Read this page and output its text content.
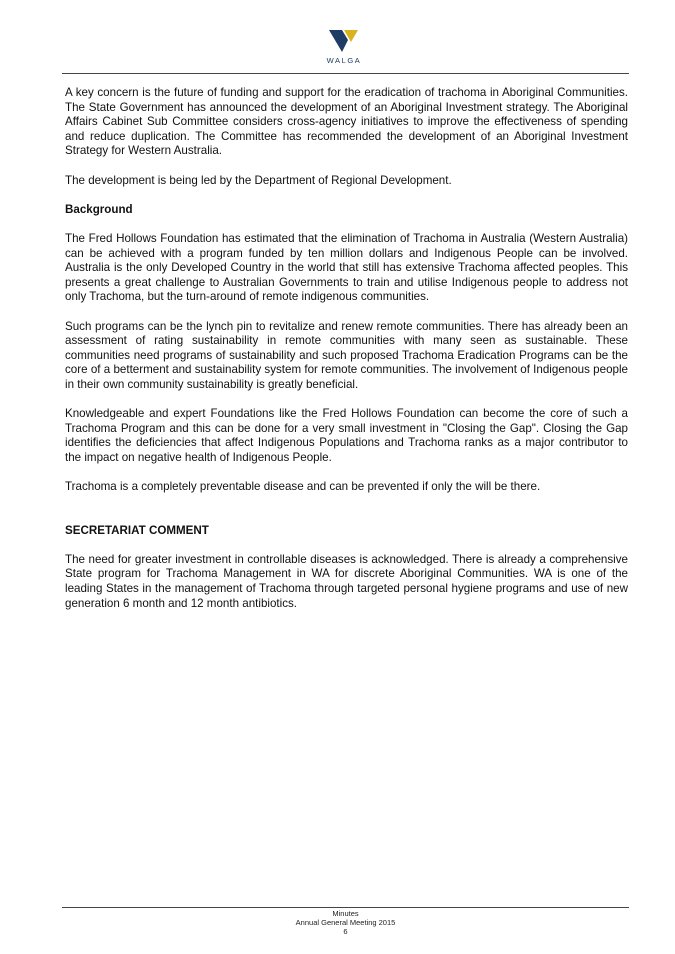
WALGA

A key concern is the future of funding and support for the eradication of trachoma in Aboriginal Communities. The State Government has announced the development of an Aboriginal Investment strategy. The Aboriginal Affairs Cabinet Sub Committee considers cross-agency initiatives to improve the effectiveness of spending and reduce duplication. The Committee has recommended the development of an Aboriginal Investment Strategy for Western Australia.

The development is being led by the Department of Regional Development.

Background

The Fred Hollows Foundation has estimated that the elimination of Trachoma in Australia (Western Australia) can be achieved with a program funded by ten million dollars and Indigenous People can be involved. Australia is the only Developed Country in the world that still has extensive Trachoma affected peoples. This presents a great challenge to Australian Governments to train and utilise Indigenous people to address not only Trachoma, but the turn-around of remote indigenous communities.

Such programs can be the lynch pin to revitalize and renew remote communities. There has already been an assessment of rating sustainability in remote communities with many seen as sustainable. These communities need programs of sustainability and such proposed Trachoma Eradication Programs can be the core of a betterment and sustainability system for remote communities. The involvement of Indigenous people in their own community sustainability is greatly beneficial.

Knowledgeable and expert Foundations like the Fred Hollows Foundation can become the core of such a Trachoma Program and this can be done for a very small investment in "Closing the Gap". Closing the Gap identifies the deficiencies that affect Indigenous Populations and Trachoma ranks as a major contributor to the impact on negative health of Indigenous People.

Trachoma is a completely preventable disease and can be prevented if only the will be there.

SECRETARIAT COMMENT

The need for greater investment in controllable diseases is acknowledged. There is already a comprehensive State program for Trachoma Management in WA for discrete Aboriginal Communities. WA is one of the leading States in the management of Trachoma through targeted personal hygiene programs and use of new generation 6 month and 12 month antibiotics.

Minutes
Annual General Meeting 2015
6
